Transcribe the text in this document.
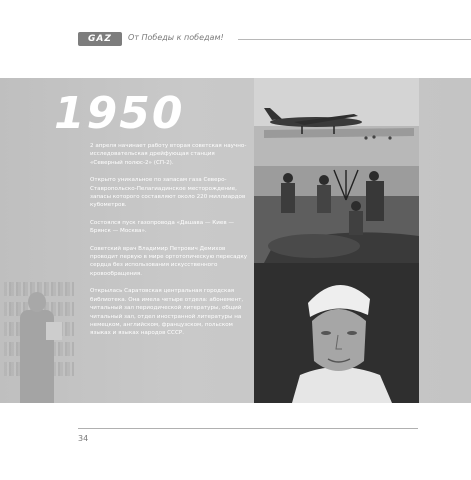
GAZ	От Победы к победам!
1950

2 апреля начинает работу вторая советская научно-исследовательская дрейфующая станция «Северный полюс-2» (СП-2).

Открыто уникальное по запасам газа Северо-Ставропольско-Пелагиадинское месторождение, запасы которого составляют около 220 миллиардов кубометров.

Состоялся пуск газопровода «Дашава — Киев — Брянск — Москва».

Советский врач Владимир Петрович Демихов проводит первую в мире ортотопическую пересадку сердца без использования искусственного кровообращения.

Открылась Саратовская центральная городская библиотека. Она имела четыре отдела: абонемент, читальный зал периодической литературы, общий читальный зал, отдел иностранной литературы на немецком, английском, французском, польском языках и языках народов СССР.

34
